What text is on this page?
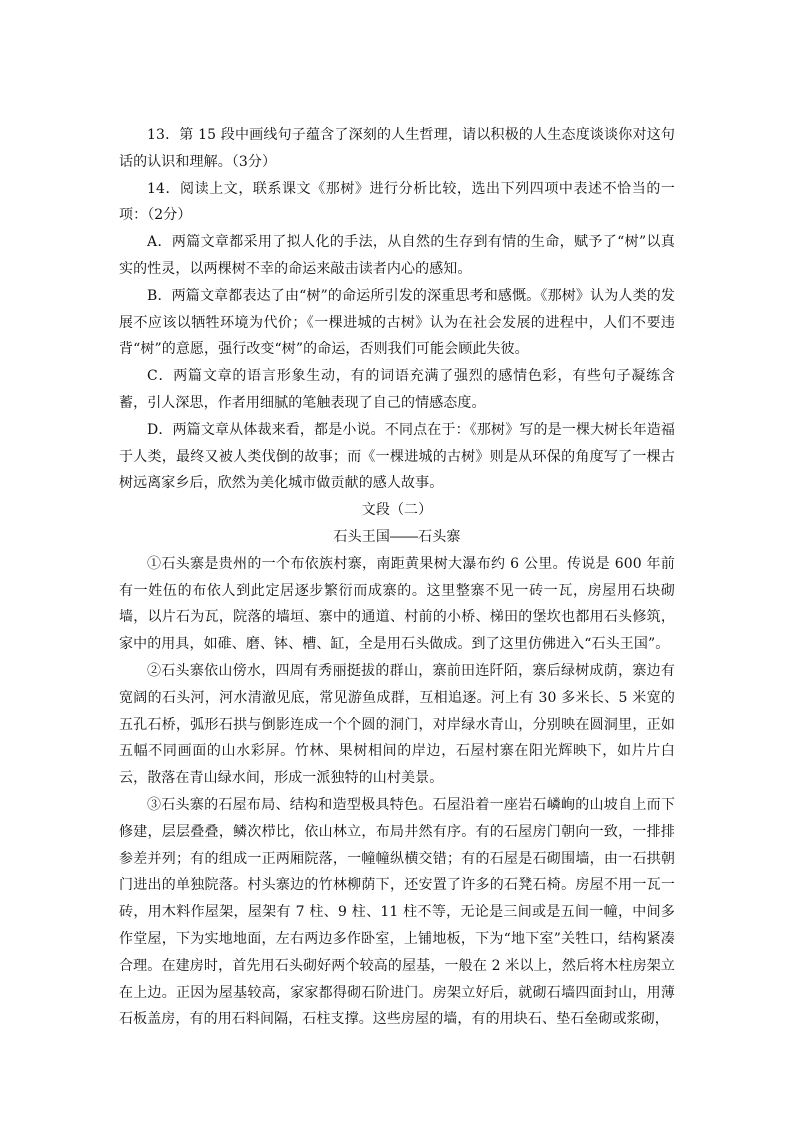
13．第 15 段中画线句子蕴含了深刻的人生哲理，请以积极的人生态度谈谈你对这句话的认识和理解。（3分）

14．阅读上文，联系课文《那树》进行分析比较，选出下列四项中表述不恰当的一项：（2分）

A．两篇文章都采用了拟人化的手法，从自然的生存到有情的生命，赋予了“树”以真实的性灵，以两棵树不幸的命运来敲击读者内心的感知。

B．两篇文章都表达了由“树”的命运所引发的深重思考和感慨。《那树》认为人类的发展不应该以牺牲环境为代价；《一棵进城的古树》认为在社会发展的进程中，人们不要违背“树”的意愿，强行改变“树”的命运，否则我们可能会顾此失彼。

C．两篇文章的语言形象生动，有的词语充满了强烈的感情色彩，有些句子凝练含蓄，引人深思，作者用细腻的笔触表现了自己的情感态度。

D．两篇文章从体裁来看，都是小说。不同点在于：《那树》写的是一棵大树长年造福于人类，最终又被人类伐倒的故事；而《一棵进城的古树》则是从环保的角度写了一棵古树远离家乡后，欣然为美化城市做贡献的感人故事。

文段（二）

石头王国――石头寨

①石头寨是贵州的一个布依族村寨，南距黄果树大瀑布约 6 公里。传说是 600 年前有一姓伍的布依人到此定居逐步繁衍而成寨的。这里整寨不见一砖一瓦，房屋用石块砌墙，以片石为瓦，院落的墙垣、寨中的通道、村前的小桥、梯田的堡坎也都用石头修筑，家中的用具，如碓、磨、钵、槽、缸，全是用石头做成。到了这里仿佛进入“石头王国”。

②石头寨依山傍水，四周有秀丽挺拔的群山，寨前田连阡陌，寨后绿树成荫，寨边有宽阔的石头河，河水清澈见底，常见游鱼成群，互相追逐。河上有 30 多米长、5 米宽的五孔石桥，弧形石拱与倒影连成一个个圆的洞门，对岸绿水青山，分别映在圆洞里，正如五幅不同画面的山水彩屏。竹林、果树相间的岸边，石屋村寨在阳光辉映下，如片片白云，散落在青山绿水间，形成一派独特的山村美景。

③石头寨的石屋布局、结构和造型极具特色。石屋沿着一座岩石嶙峋的山坡自上而下修建，层层叠叠，鳞次栉比，依山林立，布局井然有序。有的石屋房门朝向一致，一排排参差并列；有的组成一正两厢院落，一幢幢纵横交错；有的石屋是石砌围墙，由一石拱朝门进出的单独院落。村头寨边的竹林柳荫下，还安置了许多的石凳石椅。房屋不用一瓦一砖，用木料作屋架，屋架有 7 柱、9 柱、11 柱不等，无论是三间或是五间一幢，中间多作堂屋，下为实地地面，左右两边多作卧室，上铺地板，下为“地下室”关牲口，结构紧凑合理。在建房时，首先用石头砌好两个较高的屋基，一般在 2 米以上，然后将木柱房架立在上边。正因为屋基较高，家家都得砌石阶进门。房架立好后，就砌石墙四面封山，用薄石板盖房，有的用石料间隔，石柱支撑。这些房屋的墙，有的用块石、垫石垒砌或浆砌，
